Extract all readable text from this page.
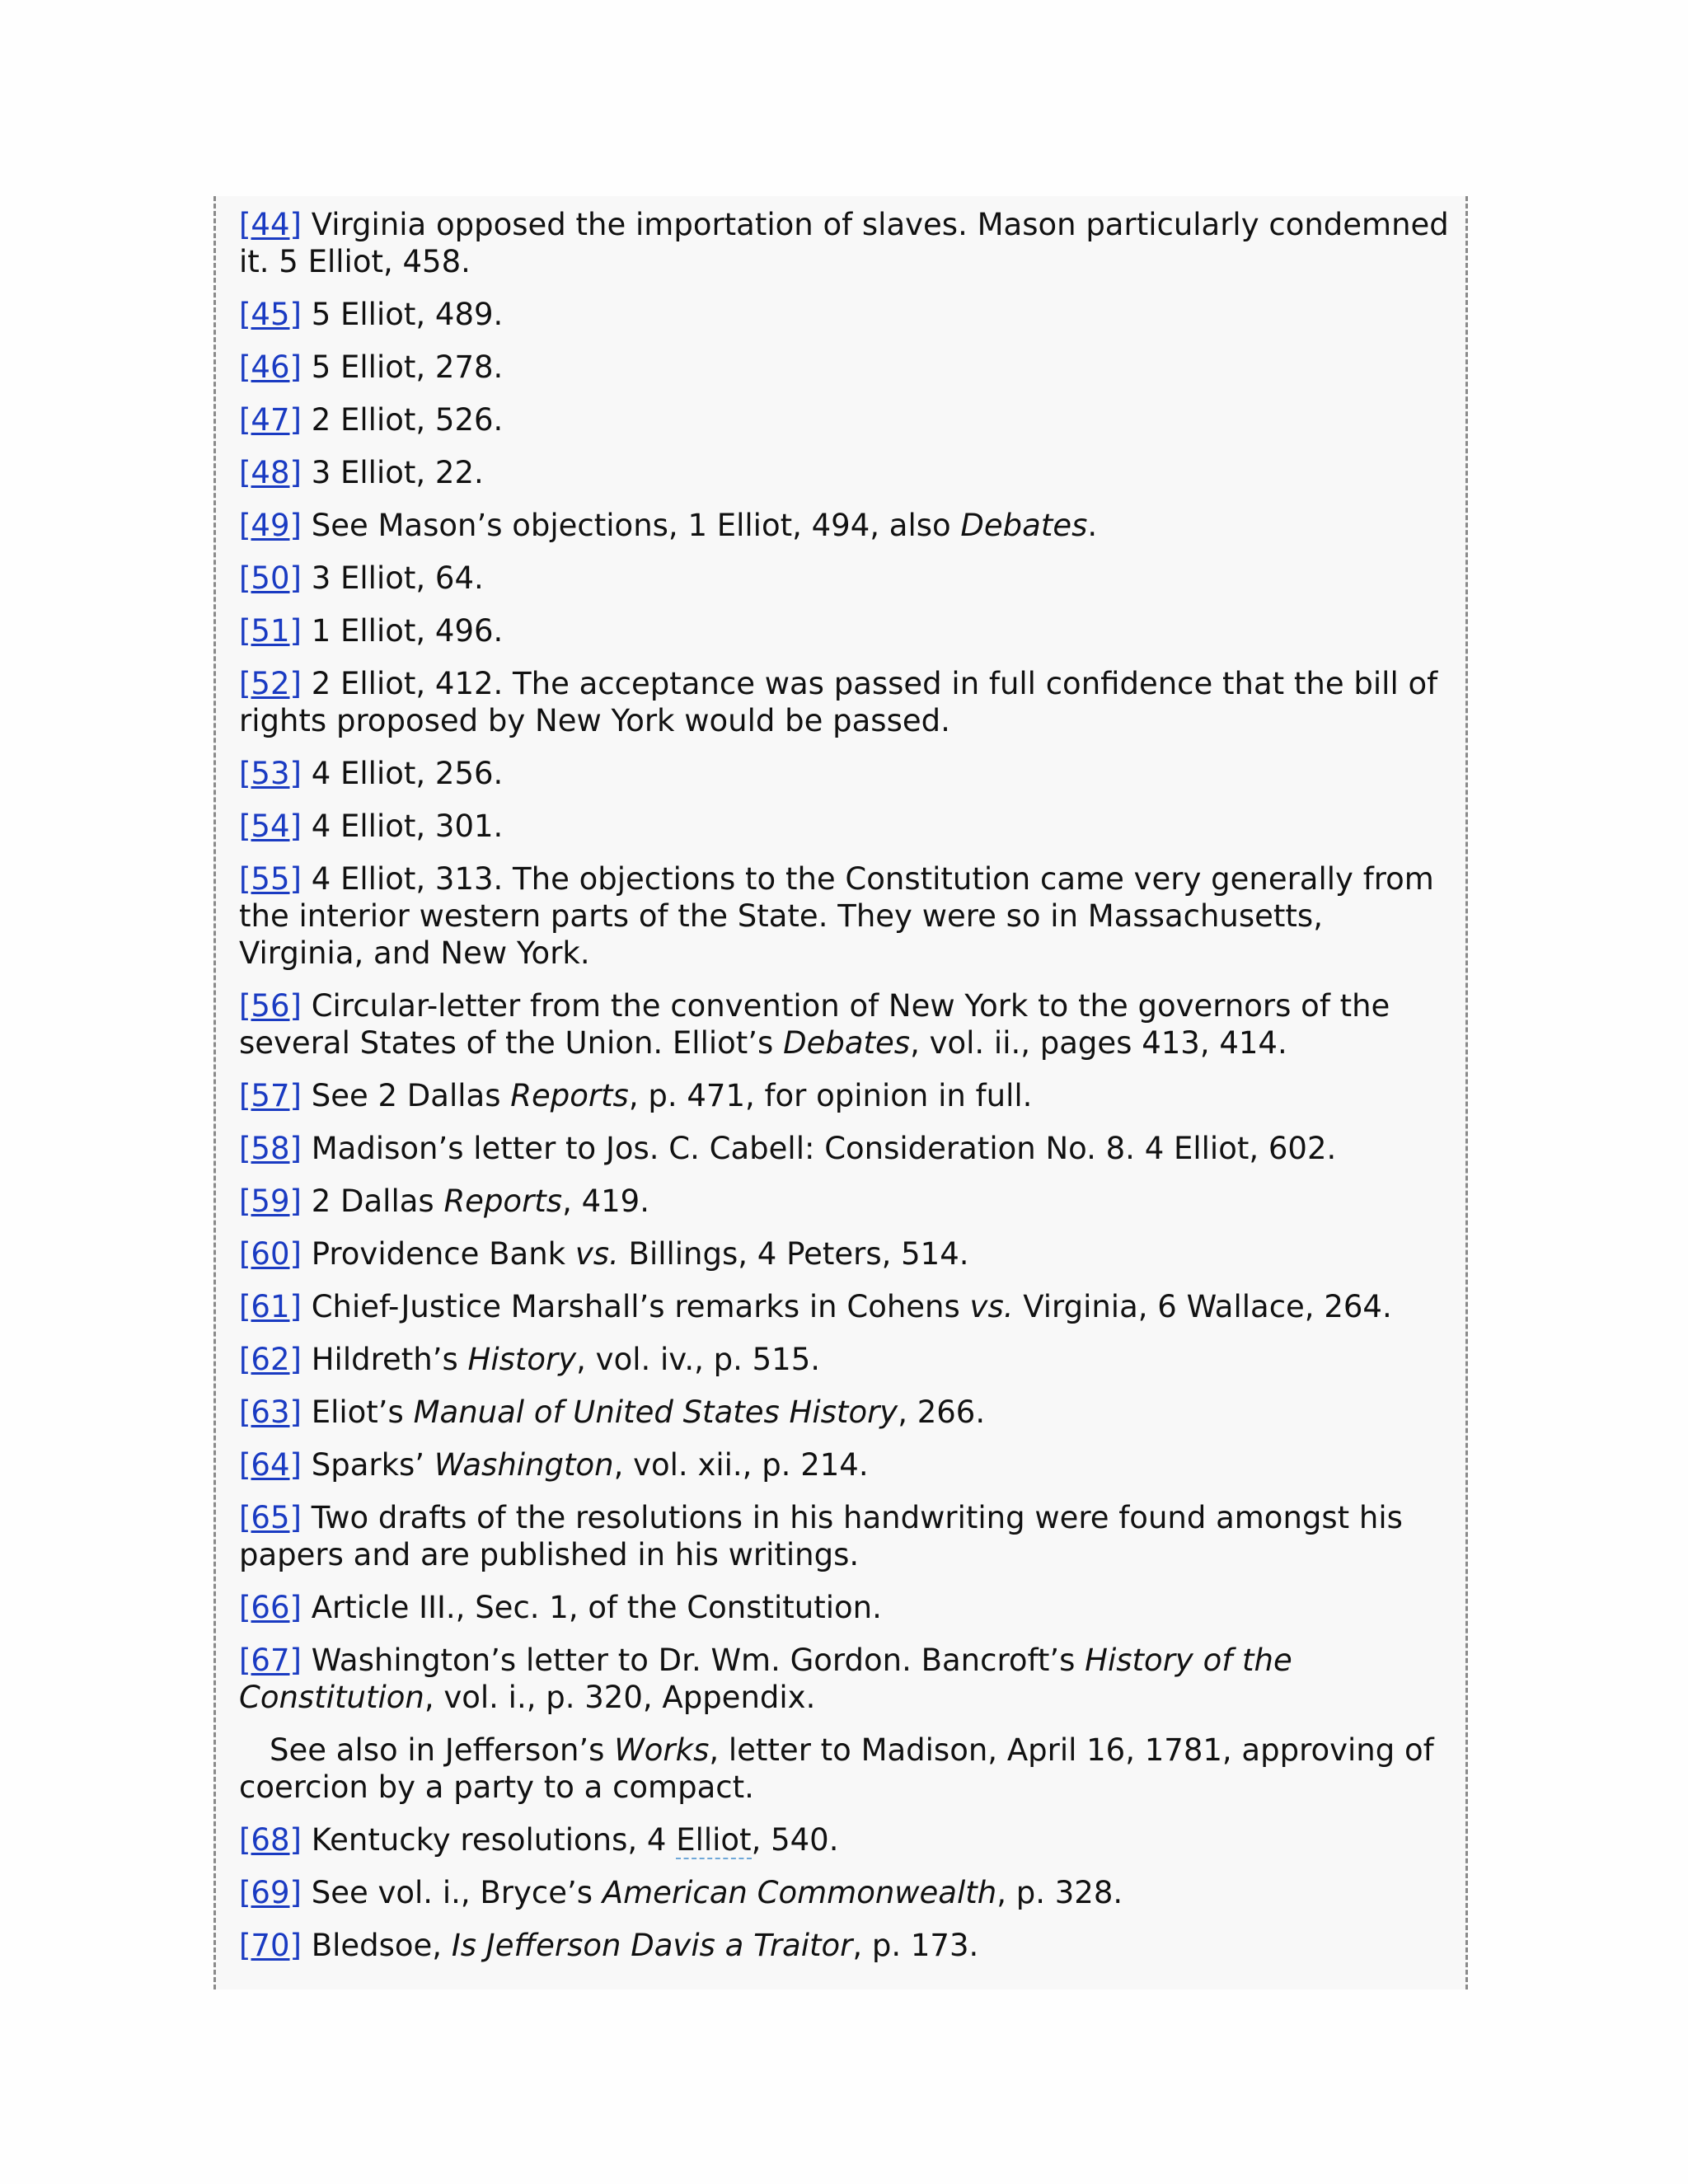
[44] Virginia opposed the importation of slaves. Mason particularly condemned it. 5 Elliot, 458.

[45] 5 Elliot, 489.

[46] 5 Elliot, 278.

[47] 2 Elliot, 526.

[48] 3 Elliot, 22.

[49] See Mason’s objections, 1 Elliot, 494, also Debates.

[50] 3 Elliot, 64.

[51] 1 Elliot, 496.

[52] 2 Elliot, 412. The acceptance was passed in full confidence that the bill of rights proposed by New York would be passed.

[53] 4 Elliot, 256.

[54] 4 Elliot, 301.

[55] 4 Elliot, 313. The objections to the Constitution came very generally from the interior western parts of the State. They were so in Massachusetts, Virginia, and New York.

[56] Circular-letter from the convention of New York to the governors of the several States of the Union. Elliot’s Debates, vol. ii., pages 413, 414.

[57] See 2 Dallas Reports, p. 471, for opinion in full.

[58] Madison’s letter to Jos. C. Cabell: Consideration No. 8. 4 Elliot, 602.

[59] 2 Dallas Reports, 419.

[60] Providence Bank vs. Billings, 4 Peters, 514.

[61] Chief-Justice Marshall’s remarks in Cohens vs. Virginia, 6 Wallace, 264.

[62] Hildreth’s History, vol. iv., p. 515.

[63] Eliot’s Manual of United States History, 266.

[64] Sparks’ Washington, vol. xii., p. 214.

[65] Two drafts of the resolutions in his handwriting were found amongst his papers and are published in his writings.

[66] Article III., Sec. 1, of the Constitution.

[67] Washington’s letter to Dr. Wm. Gordon. Bancroft’s History of the Constitution, vol. i., p. 320, Appendix.

See also in Jefferson’s Works, letter to Madison, April 16, 1781, approving of coercion by a party to a compact.

[68] Kentucky resolutions, 4 Elliot, 540.

[69] See vol. i., Bryce’s American Commonwealth, p. 328.

[70] Bledsoe, Is Jefferson Davis a Traitor, p. 173.
